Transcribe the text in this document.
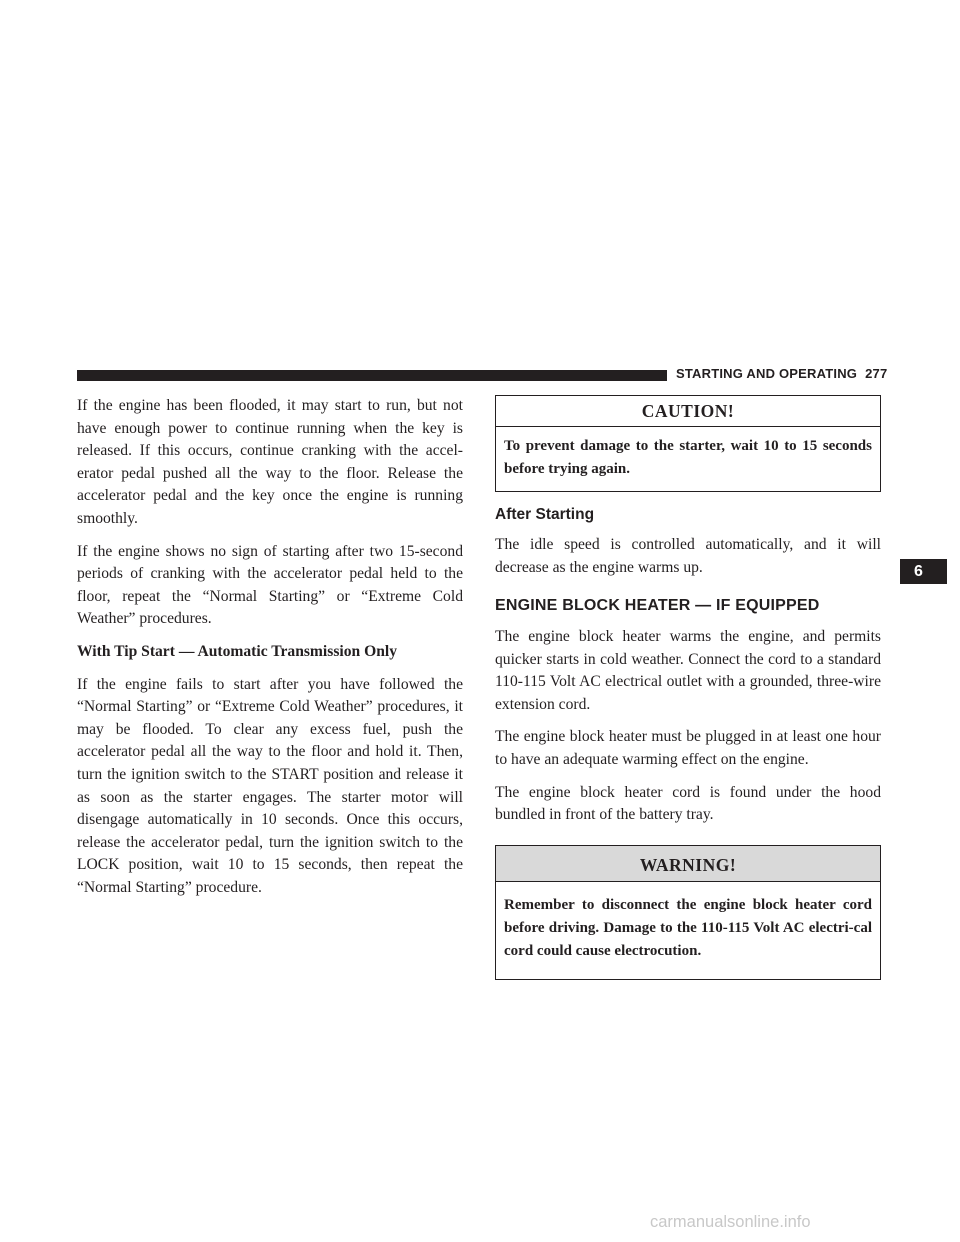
STARTING AND OPERATING 277

If the engine has been flooded, it may start to run, but not have enough power to continue running when the key is released. If this occurs, continue cranking with the accel-erator pedal pushed all the way to the floor. Release the accelerator pedal and the key once the engine is running smoothly.

If the engine shows no sign of starting after two 15-second periods of cranking with the accelerator pedal held to the floor, repeat the “Normal Starting” or “Extreme Cold Weather” procedures.

With Tip Start — Automatic Transmission Only

If the engine fails to start after you have followed the “Normal Starting” or “Extreme Cold Weather” procedures, it may be flooded. To clear any excess fuel, push the accelerator pedal all the way to the floor and hold it. Then, turn the ignition switch to the START position and release it as soon as the starter engages. The starter motor will disengage automatically in 10 seconds. Once this occurs, release the accelerator pedal, turn the ignition switch to the LOCK position, wait 10 to 15 seconds, then repeat the “Normal Starting” procedure.

CAUTION!
To prevent damage to the starter, wait 10 to 15 seconds before trying again.
After Starting

The idle speed is controlled automatically, and it will decrease as the engine warms up.

ENGINE BLOCK HEATER — IF EQUIPPED

The engine block heater warms the engine, and permits quicker starts in cold weather. Connect the cord to a standard 110-115 Volt AC electrical outlet with a grounded, three-wire extension cord.

The engine block heater must be plugged in at least one hour to have an adequate warming effect on the engine.

The engine block heater cord is found under the hood bundled in front of the battery tray.

WARNING!
Remember to disconnect the engine block heater cord before driving. Damage to the 110-115 Volt AC electri-cal cord could cause electrocution.
6
carmanualsonline.info
